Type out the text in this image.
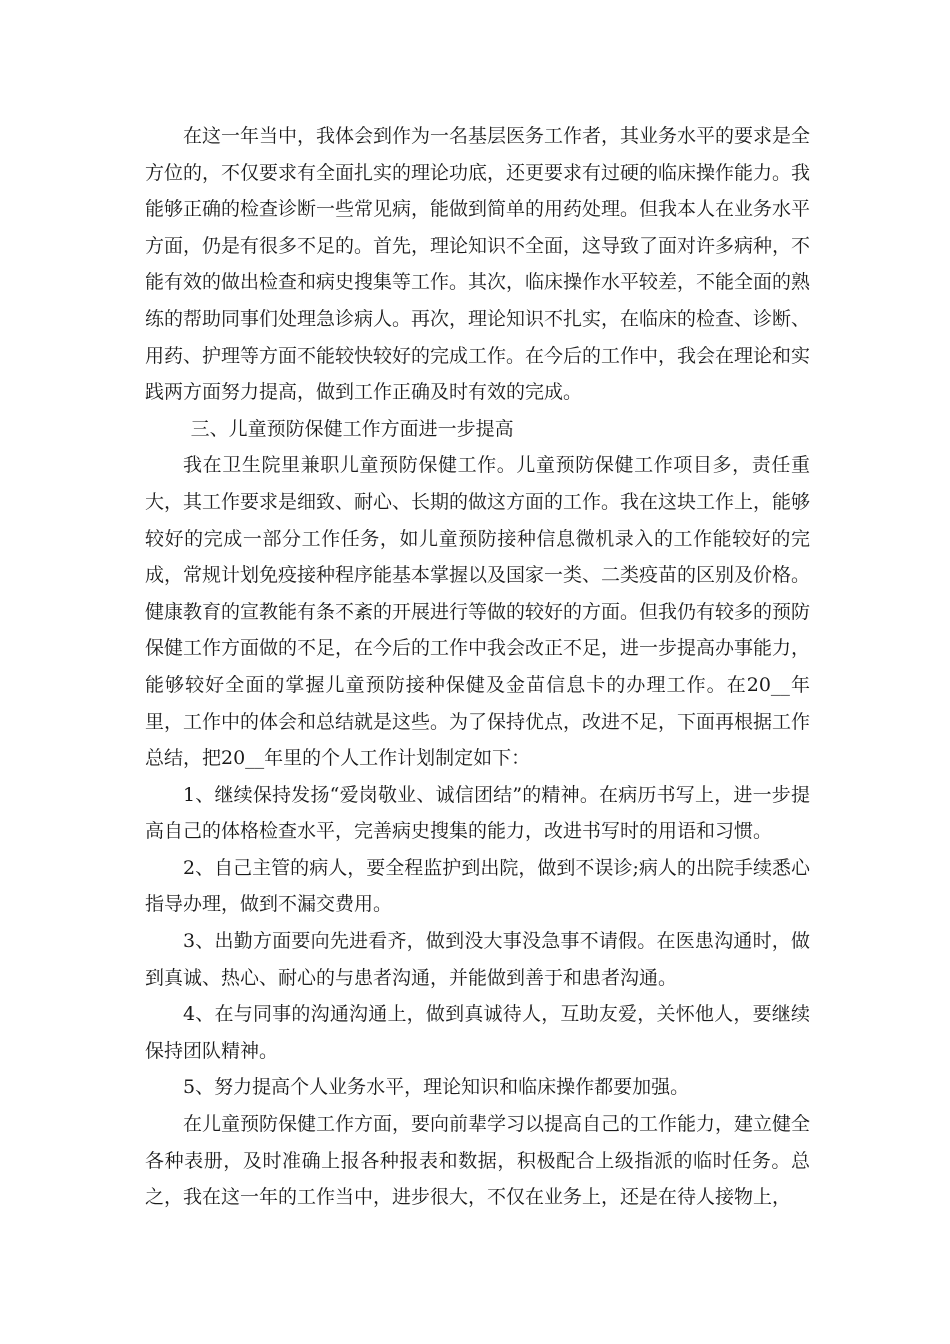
在这一年当中，我体会到作为一名基层医务工作者，其业务水平的要求是全方位的，不仅要求有全面扎实的理论功底，还更要求有过硬的临床操作能力。我能够正确的检查诊断一些常见病，能做到简单的用药处理。但我本人在业务水平方面，仍是有很多不足的。首先，理论知识不全面，这导致了面对许多病种，不能有效的做出检查和病史搜集等工作。其次，临床操作水平较差，不能全面的熟练的帮助同事们处理急诊病人。再次，理论知识不扎实，在临床的检查、诊断、用药、护理等方面不能较快较好的完成工作。在今后的工作中，我会在理论和实践两方面努力提高，做到工作正确及时有效的完成。

三、儿童预防保健工作方面进一步提高

我在卫生院里兼职儿童预防保健工作。儿童预防保健工作项目多，责任重大，其工作要求是细致、耐心、长期的做这方面的工作。我在这块工作上，能够较好的完成一部分工作任务，如儿童预防接种信息微机录入的工作能较好的完成，常规计划免疫接种程序能基本掌握以及国家一类、二类疫苗的区别及价格。健康教育的宣教能有条不紊的开展进行等做的较好的方面。但我仍有较多的预防保健工作方面做的不足，在今后的工作中我会改正不足，进一步提高办事能力，能够较好全面的掌握儿童预防接种保健及金苗信息卡的办理工作。在20__年里，工作中的体会和总结就是这些。为了保持优点，改进不足，下面再根据工作总结，把20__年里的个人工作计划制定如下：

1、继续保持发扬“爱岗敬业、诚信团结”的精神。在病历书写上，进一步提高自己的体格检查水平，完善病史搜集的能力，改进书写时的用语和习惯。

2、自己主管的病人，要全程监护到出院，做到不误诊;病人的出院手续悉心指导办理，做到不漏交费用。

3、出勤方面要向先进看齐，做到没大事没急事不请假。在医患沟通时，做到真诚、热心、耐心的与患者沟通，并能做到善于和患者沟通。

4、在与同事的沟通沟通上，做到真诚待人，互助友爱，关怀他人，要继续保持团队精神。

5、努力提高个人业务水平，理论知识和临床操作都要加强。

在儿童预防保健工作方面，要向前辈学习以提高自己的工作能力，建立健全各种表册，及时准确上报各种报表和数据，积极配合上级指派的临时任务。总之，我在这一年的工作当中，进步很大，不仅在业务上，还是在待人接物上，
